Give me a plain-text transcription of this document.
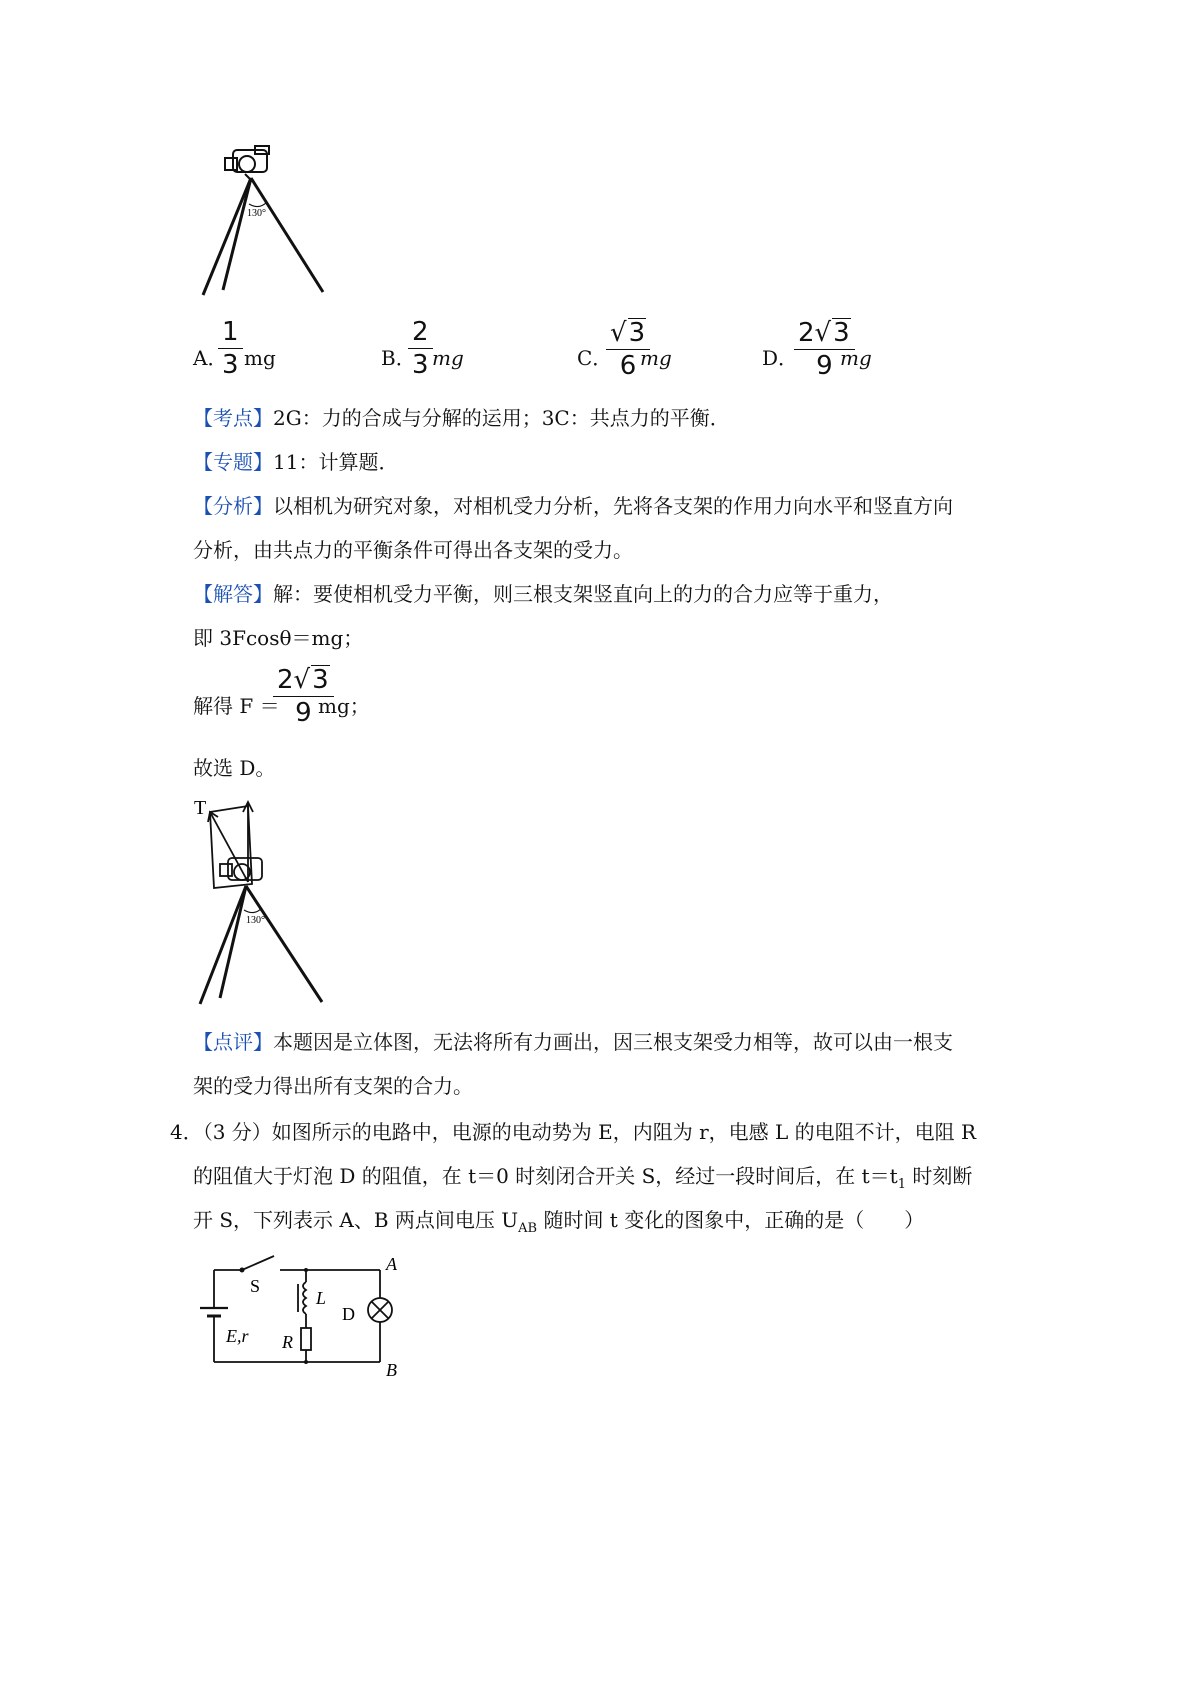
130°
A．
1
3 mg	B．
2
3 mg	C．
√3
6 mg	D．
2√3
9 mg
【考点】2G：力的合成与分解的运用；3C：共点力的平衡．
【专题】11：计算题．
【分析】以相机为研究对象，对相机受力分析，先将各支架的作用力向水平和竖直方向
分析，由共点力的平衡条件可得出各支架的受力。
【解答】解：要使相机受力平衡，则三根支架竖直向上的力的合力应等于重力，
即 3Fcosθ＝mg；
解得 F ＝
2√3
9 mg；
故选 D。
T
130°
【点评】本题因是立体图，无法将所有力画出，因三根支架受力相等，故可以由一根支
架的受力得出所有支架的合力。
4．（3 分）如图所示的电路中，电源的电动势为 E，内阻为 r，电感 L 的电阻不计，电阻 R
的阻值大于灯泡 D 的阻值，在 t＝0 时刻闭合开关 S，经过一段时间后，在 $t=t_1$ 时刻断
开 S，下列表示 A、B 两点间电压 $U_{AB}$ 随时间 t 变化的图象中，正确的是（　　）
S
L
D
R
E,r
A
B
